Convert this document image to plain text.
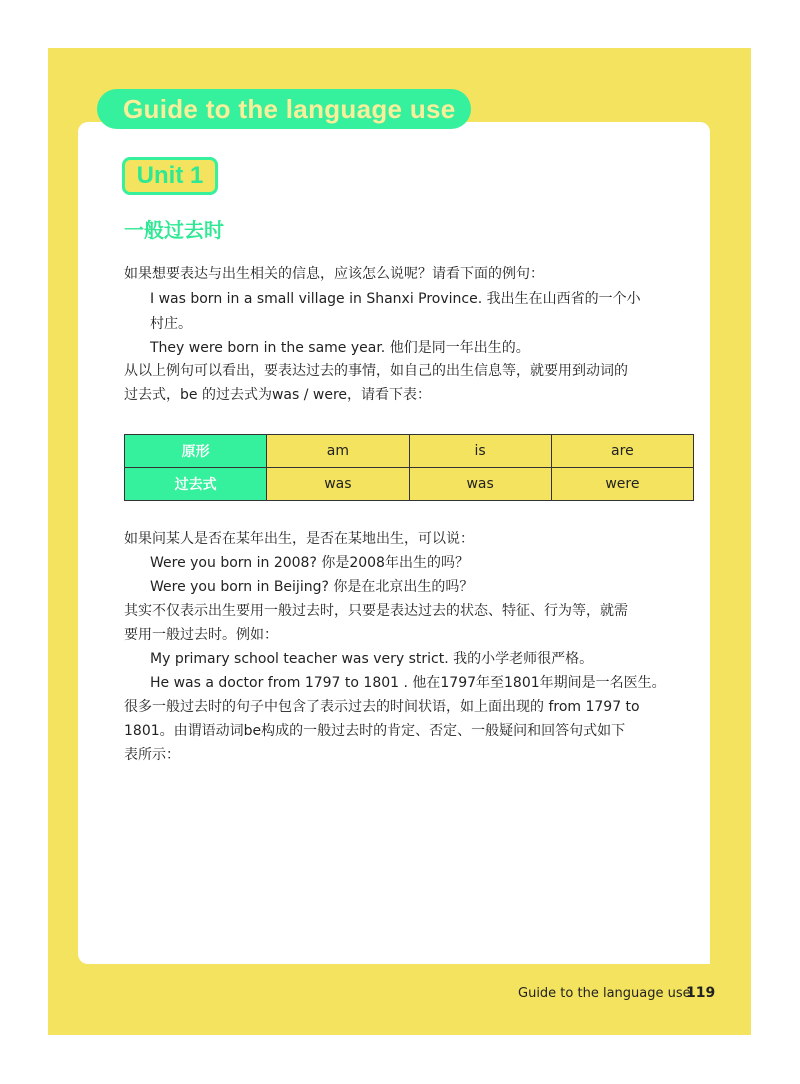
Guide to the language use
Unit 1
一般过去时
如果想要表达与出生相关的信息，应该怎么说呢？请看下面的例句：
I was born in a small village in Shanxi Province. 我出生在山西省的一个小
村庄。
They were born in the same year. 他们是同一年出生的。
从以上例句可以看出，要表达过去的事情，如自己的出生信息等，就要用到动词的
过去式，be 的过去式为was / were，请看下表：
原形	am	is	are
过去式	was	was	were
如果问某人是否在某年出生，是否在某地出生，可以说：
Were you born in 2008? 你是2008年出生的吗？
Were you born in Beijing? 你是在北京出生的吗？
其实不仅表示出生要用一般过去时，只要是表达过去的状态、特征、行为等，就需
要用一般过去时。例如：
My primary school teacher was very strict. 我的小学老师很严格。
He was a doctor from 1797 to 1801 . 他在1797年至1801年期间是一名医生。
很多一般过去时的句子中包含了表示过去的时间状语，如上面出现的 from 1797 to
1801。由谓语动词be构成的一般过去时的肯定、否定、一般疑问和回答句式如下
表所示：
Guide to the language use
119
